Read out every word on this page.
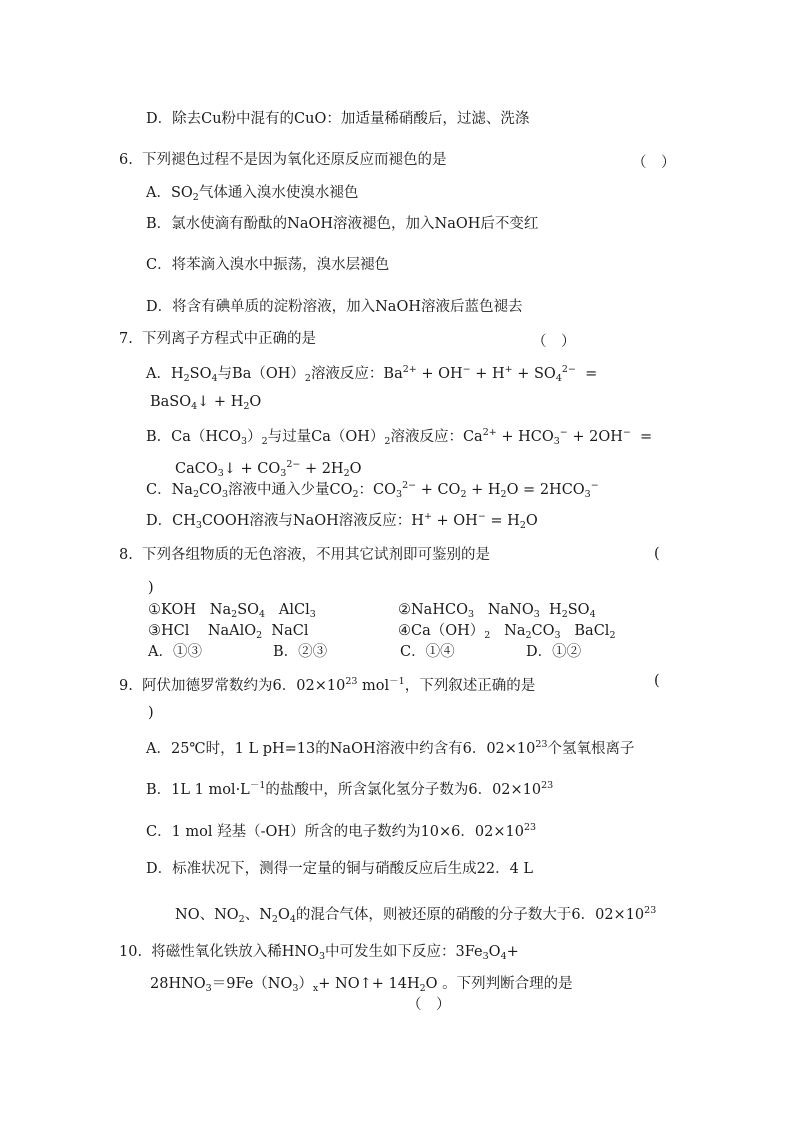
D．除去Cu粉中混有的CuO：加适量稀硝酸后，过滤、洗涤
6.  下列褪色过程不是因为氧化还原反应而褪色的是
A．$SO_2$气体通入溴水使溴水褪色
B．氯水使滴有酚酞的NaOH溶液褪色，加入NaOH后不变红
C．将苯滴入溴水中振荡，溴水层褪色
D．将含有碘单质的淀粉溶液，加入NaOH溶液后蓝色褪去
7.  下列离子方程式中正确的是
A．$H_2SO_4$与$Ba(OH)_2$溶液反应：$Ba^{2+} + OH^- + H^+ + SO_4^{2-}$  =
BaSO$_4$↓ + $H_2O$
B．$Ca(HCO_3)_2$与过量$Ca(OH)_2$溶液反应：$Ca^{2+} + HCO_3^- + 2OH^-$  =
CaCO$_3$↓ + $CO_3^{2-} + 2H_2O$
C．$Na_2CO_3$溶液中通入少量$CO_2$：$CO_3^{2-} + CO_2 + H_2O = 2HCO_3^-$
D．$CH_3COOH$溶液与NaOH溶液反应：$H^+ + OH^- = H_2O$
8.  下列各组物质的无色溶液，不用其它试剂即可鉴别的是
)
①KOH   $Na_2SO_4$   AlCl$_3$	②NaHCO$_3$   NaNO$_3$  $H_2SO_4$
③HCl    NaAlO$_2$  NaCl	$④Ca(OH)_2$   $Na_2CO_3$   BaCl$_2$
A．①③	B．②③	C．①④	D．①②
9.  阿伏加德罗常数约为6．$02\times 10^{23}$ mol$^{-1}$，下列叙述正确的是
)
A．25℃时，1 L pH=13的NaOH溶液中约含有6．$02\times 10^{23}$个氢氧根离子
B．1L 1 $mol\cdot L^{-1}$的盐酸中，所含氯化氢分子数为6．$02\times 10^{23}$
C．1 mol 羟基（-OH）所含的电子数约为10×6．$02\times 10^{23}$
D．标准状况下，测得一定量的铜与硝酸反应后生成22．4 L
NO、$NO_2$、$N_2O_4$的混合气体，则被还原的硝酸的分子数大于6．$02\times 10^{23}$
10.  将磁性氧化铁放入稀$HNO_3$中可发生如下反应：$3Fe_3O_4+$
$28HNO_3=9Fe(NO_3)_x+$ NO↑+ $14H_2O$ 。下列判断合理的是
（　）
（　）
(
(
（　）
